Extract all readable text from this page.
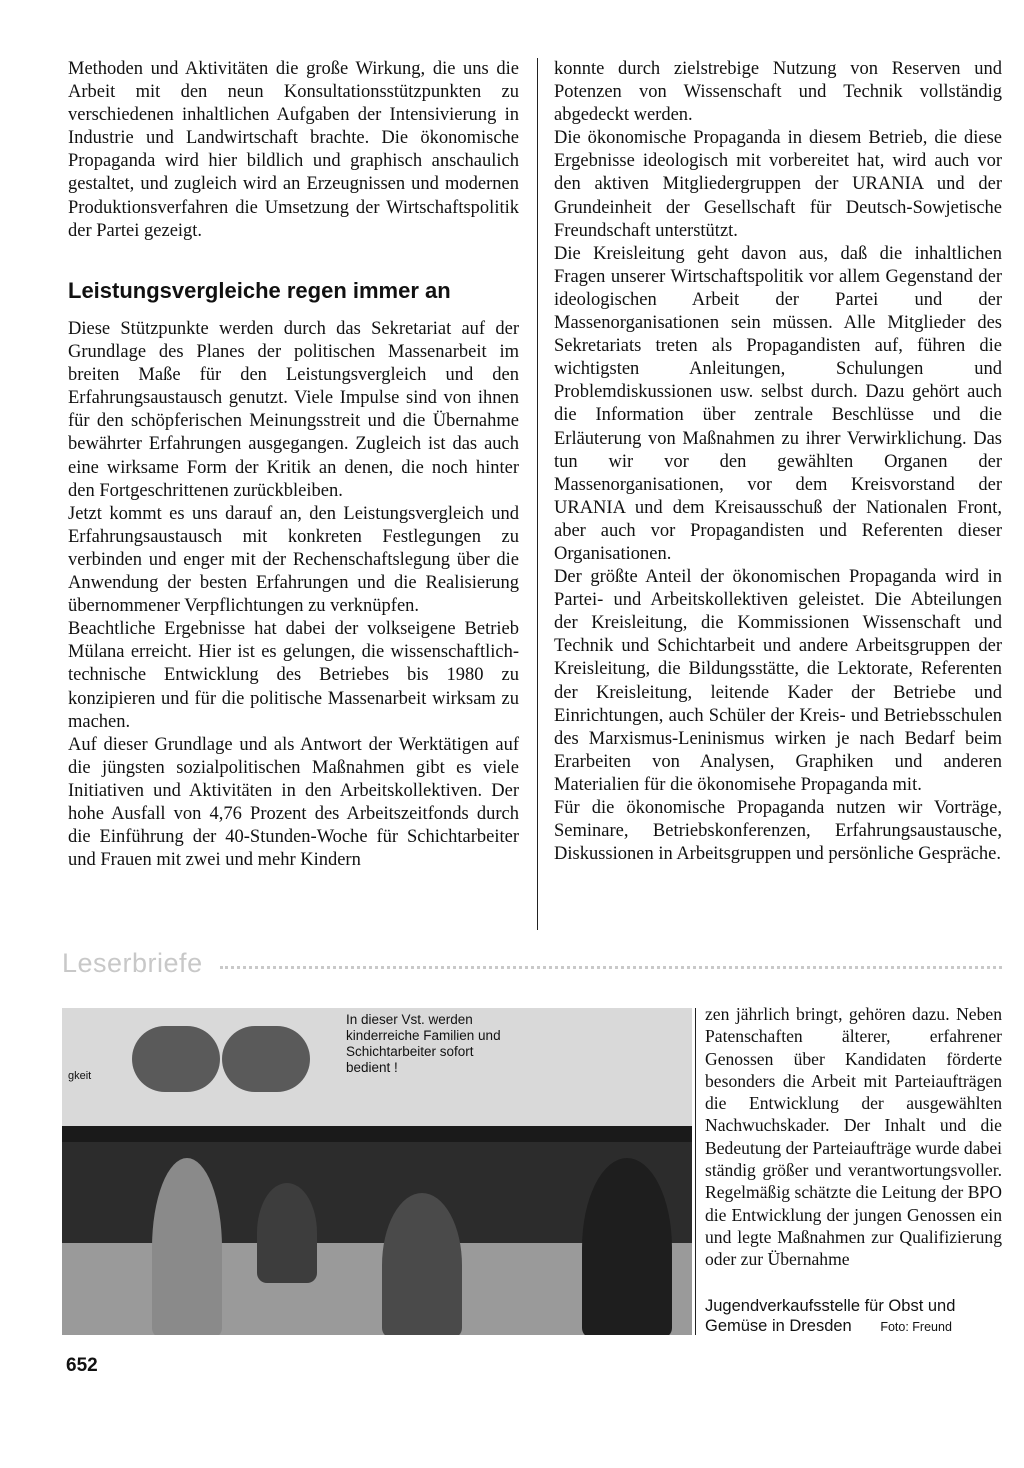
Methoden und Aktivitäten die große Wirkung, die uns die Arbeit mit den neun Konsultationsstützpunkten zu verschiedenen inhaltlichen Aufgaben der Intensivierung in Industrie und Landwirtschaft brachte. Die ökonomische Propaganda wird hier bildlich und graphisch anschaulich gestaltet, und zugleich wird an Erzeugnissen und modernen Produktionsverfahren die Umsetzung der Wirtschaftspolitik der Partei gezeigt.

Leistungsvergleiche regen immer an

Diese Stützpunkte werden durch das Sekretariat auf der Grundlage des Planes der politischen Massenarbeit im breiten Maße für den Leistungsvergleich und den Erfahrungsaustausch genutzt. Viele Impulse sind von ihnen für den schöpferischen Meinungsstreit und die Übernahme bewährter Erfahrungen ausgegangen. Zugleich ist das auch eine wirksame Form der Kritik an denen, die noch hinter den Fortgeschrittenen zurückbleiben.

Jetzt kommt es uns darauf an, den Leistungsvergleich und Erfahrungsaustausch mit konkreten Festlegungen zu verbinden und enger mit der Rechenschaftslegung über die Anwendung der besten Erfahrungen und die Realisierung übernommener Verpflichtungen zu verknüpfen.

Beachtliche Ergebnisse hat dabei der volkseigene Betrieb Mülana erreicht. Hier ist es gelungen, die wissenschaftlich-technische Entwicklung des Betriebes bis 1980 zu konzipieren und für die politische Massenarbeit wirksam zu machen.

Auf dieser Grundlage und als Antwort der Werktätigen auf die jüngsten sozialpolitischen Maßnahmen gibt es viele Initiativen und Aktivitäten in den Arbeitskollektiven. Der hohe Ausfall von 4,76 Prozent des Arbeitszeitfonds durch die Einführung der 40-Stunden-Woche für Schichtarbeiter und Frauen mit zwei und mehr Kindern

konnte durch zielstrebige Nutzung von Reserven und Potenzen von Wissenschaft und Technik vollständig abgedeckt werden.

Die ökonomische Propaganda in diesem Betrieb, die diese Ergebnisse ideologisch mit vorbereitet hat, wird auch vor den aktiven Mitgliedergruppen der URANIA und der Grundeinheit der Gesellschaft für Deutsch-Sowjetische Freundschaft unterstützt.

Die Kreisleitung geht davon aus, daß die inhaltlichen Fragen unserer Wirtschaftspolitik vor allem Gegenstand der ideologischen Arbeit der Partei und der Massenorganisationen sein müssen. Alle Mitglieder des Sekretariats treten als Propagandisten auf, führen die wichtigsten Anleitungen, Schulungen und Problemdiskussionen usw. selbst durch. Dazu gehört auch die Information über zentrale Beschlüsse und die Erläuterung von Maßnahmen zu ihrer Verwirklichung. Das tun wir vor den gewählten Organen der Massenorganisationen, vor dem Kreisvorstand der URANIA und dem Kreisausschuß der Nationalen Front, aber auch vor Propagandisten und Referenten dieser Organisationen.

Der größte Anteil der ökonomischen Propaganda wird in Partei- und Arbeitskollektiven geleistet. Die Abteilungen der Kreisleitung, die Kommissionen Wissenschaft und Technik und Schichtarbeit und andere Arbeitsgruppen der Kreisleitung, die Bildungsstätte, die Lektorate, Referenten der Kreisleitung, leitende Kader der Betriebe und Einrichtungen, auch Schüler der Kreis- und Betriebsschulen des Marxismus-Leninismus wirken je nach Bedarf beim Erarbeiten von Analysen, Graphiken und anderen Materialien für die ökonomisehe Propaganda mit.

Für die ökonomische Propaganda nutzen wir Vorträge, Seminare, Betriebskonferenzen, Erfahrungsaustausche, Diskussionen in Arbeitsgruppen und persönliche Gespräche.

Leserbriefe
gkeit
In dieser Vst. werden kinderreiche Familien und Schichtarbeiter sofort bedient !
zen jährlich bringt, gehören dazu. Neben Patenschaften älterer, erfahrener Genossen über Kandidaten förderte besonders die Arbeit mit Parteiaufträgen die Entwicklung der ausgewählten Nachwuchskader. Der Inhalt und die Bedeutung der Parteiaufträge wurde dabei ständig größer und verantwortungsvoller. Regelmäßig schätzte die Leitung der BPO die Entwicklung der jungen Genossen ein und legte Maßnahmen zur Qualifizierung oder zur Übernahme
Jugendverkaufsstelle für Obst und Gemüse in Dresden Foto: Freund
652
